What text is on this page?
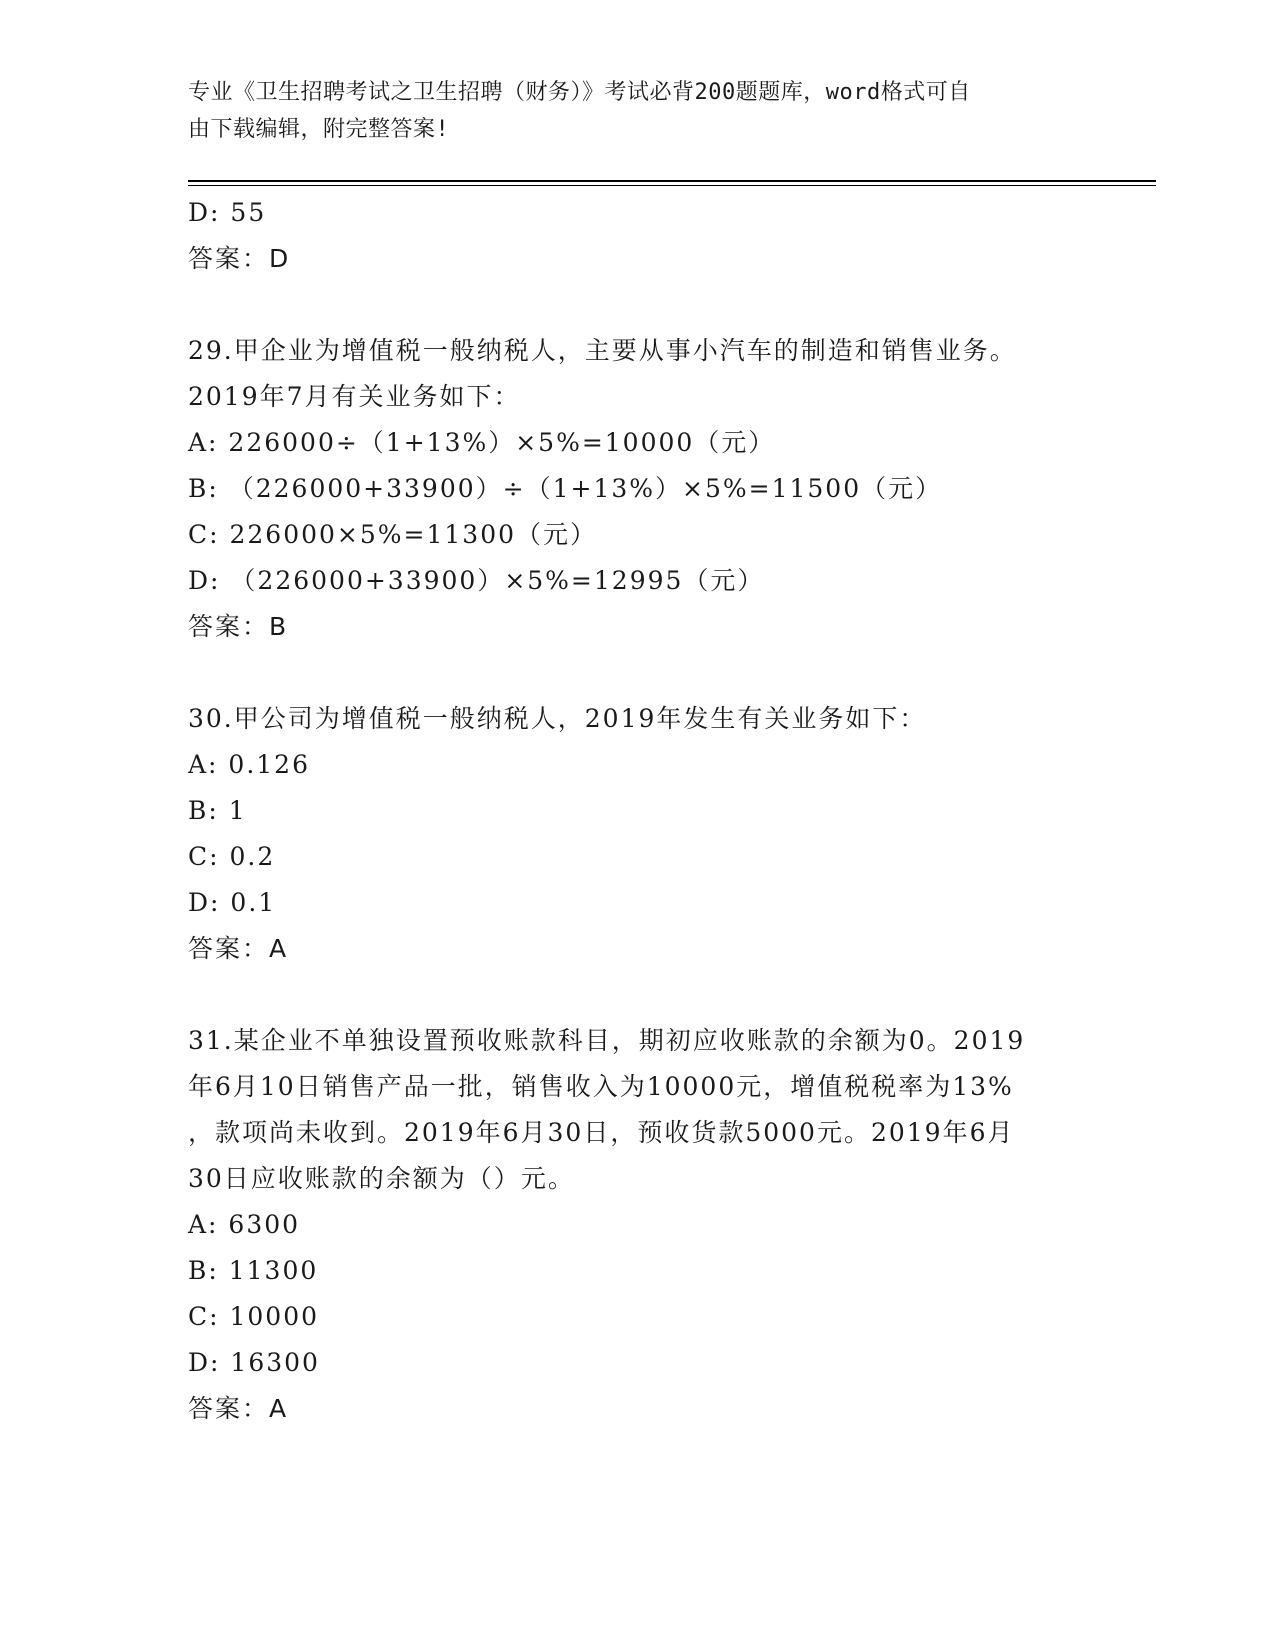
专业《卫生招聘考试之卫生招聘（财务）》考试必背200题题库，word格式可自
由下载编辑，附完整答案!
D: 55
答案：D
29.甲企业为增值税一般纳税人，主要从事小汽车的制造和销售业务。
2019年7月有关业务如下：
A: 226000÷（1+13%）×5%=10000（元）
B: （226000+33900）÷（1+13%）×5%=11500（元）
C: 226000×5%=11300（元）
D: （226000+33900）×5%=12995（元）
答案：B
30.甲公司为增值税一般纳税人，2019年发生有关业务如下：
A: 0.126
B: 1
C: 0.2
D: 0.1
答案：A
31.某企业不单独设置预收账款科目，期初应收账款的余额为0。2019
年6月10日销售产品一批，销售收入为10000元，增值税税率为13%
，款项尚未收到。2019年6月30日，预收货款5000元。2019年6月
30日应收账款的余额为（）元。
A: 6300
B: 11300
C: 10000
D: 16300
答案：A
